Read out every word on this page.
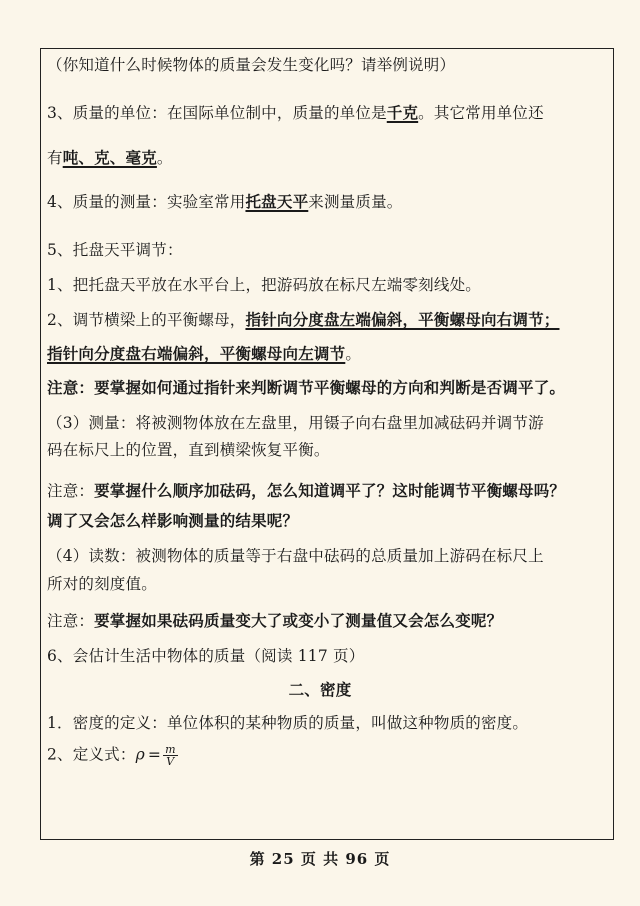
（你知道什么时候物体的质量会发生变化吗？请举例说明）
3、质量的单位：在国际单位制中，质量的单位是千克。其它常用单位还
有吨、克、毫克。
4、质量的测量：实验室常用托盘天平来测量质量。
5、托盘天平调节：
1、把托盘天平放在水平台上，把游码放在标尺左端零刻线处。
2、调节横梁上的平衡螺母，指针向分度盘左端偏斜，平衡螺母向右调节；
指针向分度盘右端偏斜，平衡螺母向左调节。
注意：要掌握如何通过指针来判断调节平衡螺母的方向和判断是否调平了。
（3）测量：将被测物体放在左盘里，用镊子向右盘里加减砝码并调节游
码在标尺上的位置，直到横梁恢复平衡。
注意：要掌握什么顺序加砝码，怎么知道调平了？这时能调节平衡螺母吗？
调了又会怎么样影响测量的结果呢？
（4）读数：被测物体的质量等于右盘中砝码的总质量加上游码在标尺上
所对的刻度值。
注意：要掌握如果砝码质量变大了或变小了测量值又会怎么变呢？
6、会估计生活中物体的质量（阅读 117 页）
二、密度
1．密度的定义：单位体积的某种物质的质量，叫做这种物质的密度。
2、定义式：$\rho = \frac{m}{V}$
第 25 页 共 96 页
